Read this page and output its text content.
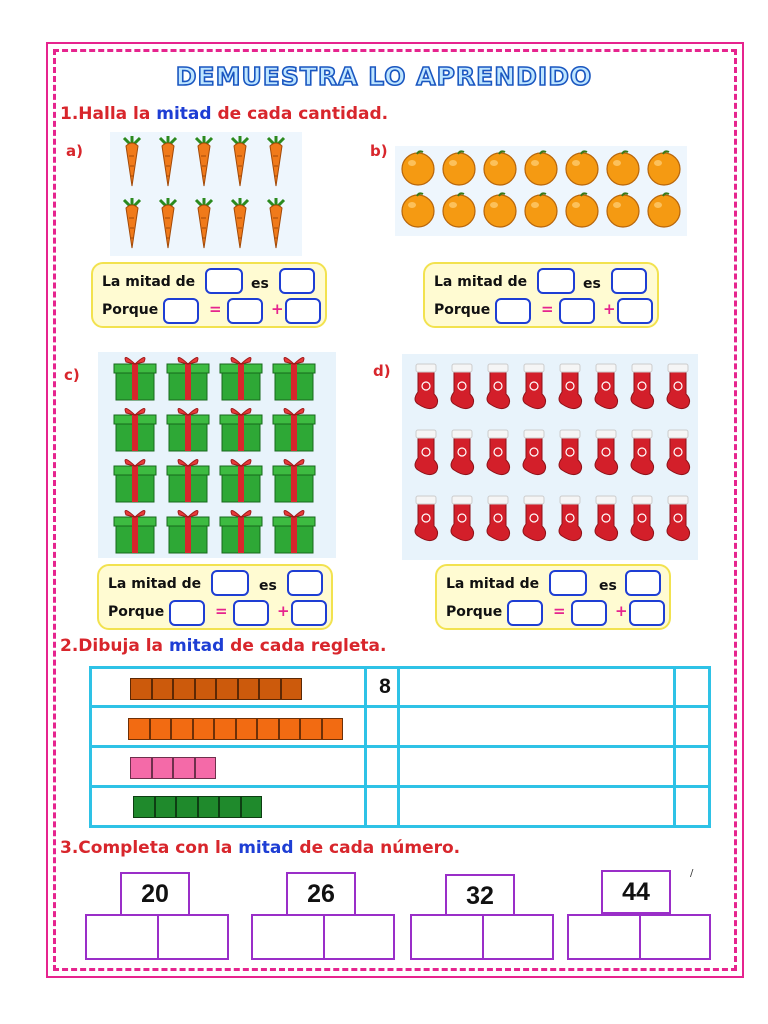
DEMUESTRA LO APRENDIDO
1.Halla la mitad de cada cantidad.
a)	b)
c)	d)
La mitad de	es
Porque	=	+
La mitad de	es
Porque	=	+
La mitad de	es
Porque	=	+
La mitad de	es
Porque	=	+
2.Dibuja la mitad de cada regleta.
8
3.Completa con la mitad de cada número.
/
20	26	32	44
